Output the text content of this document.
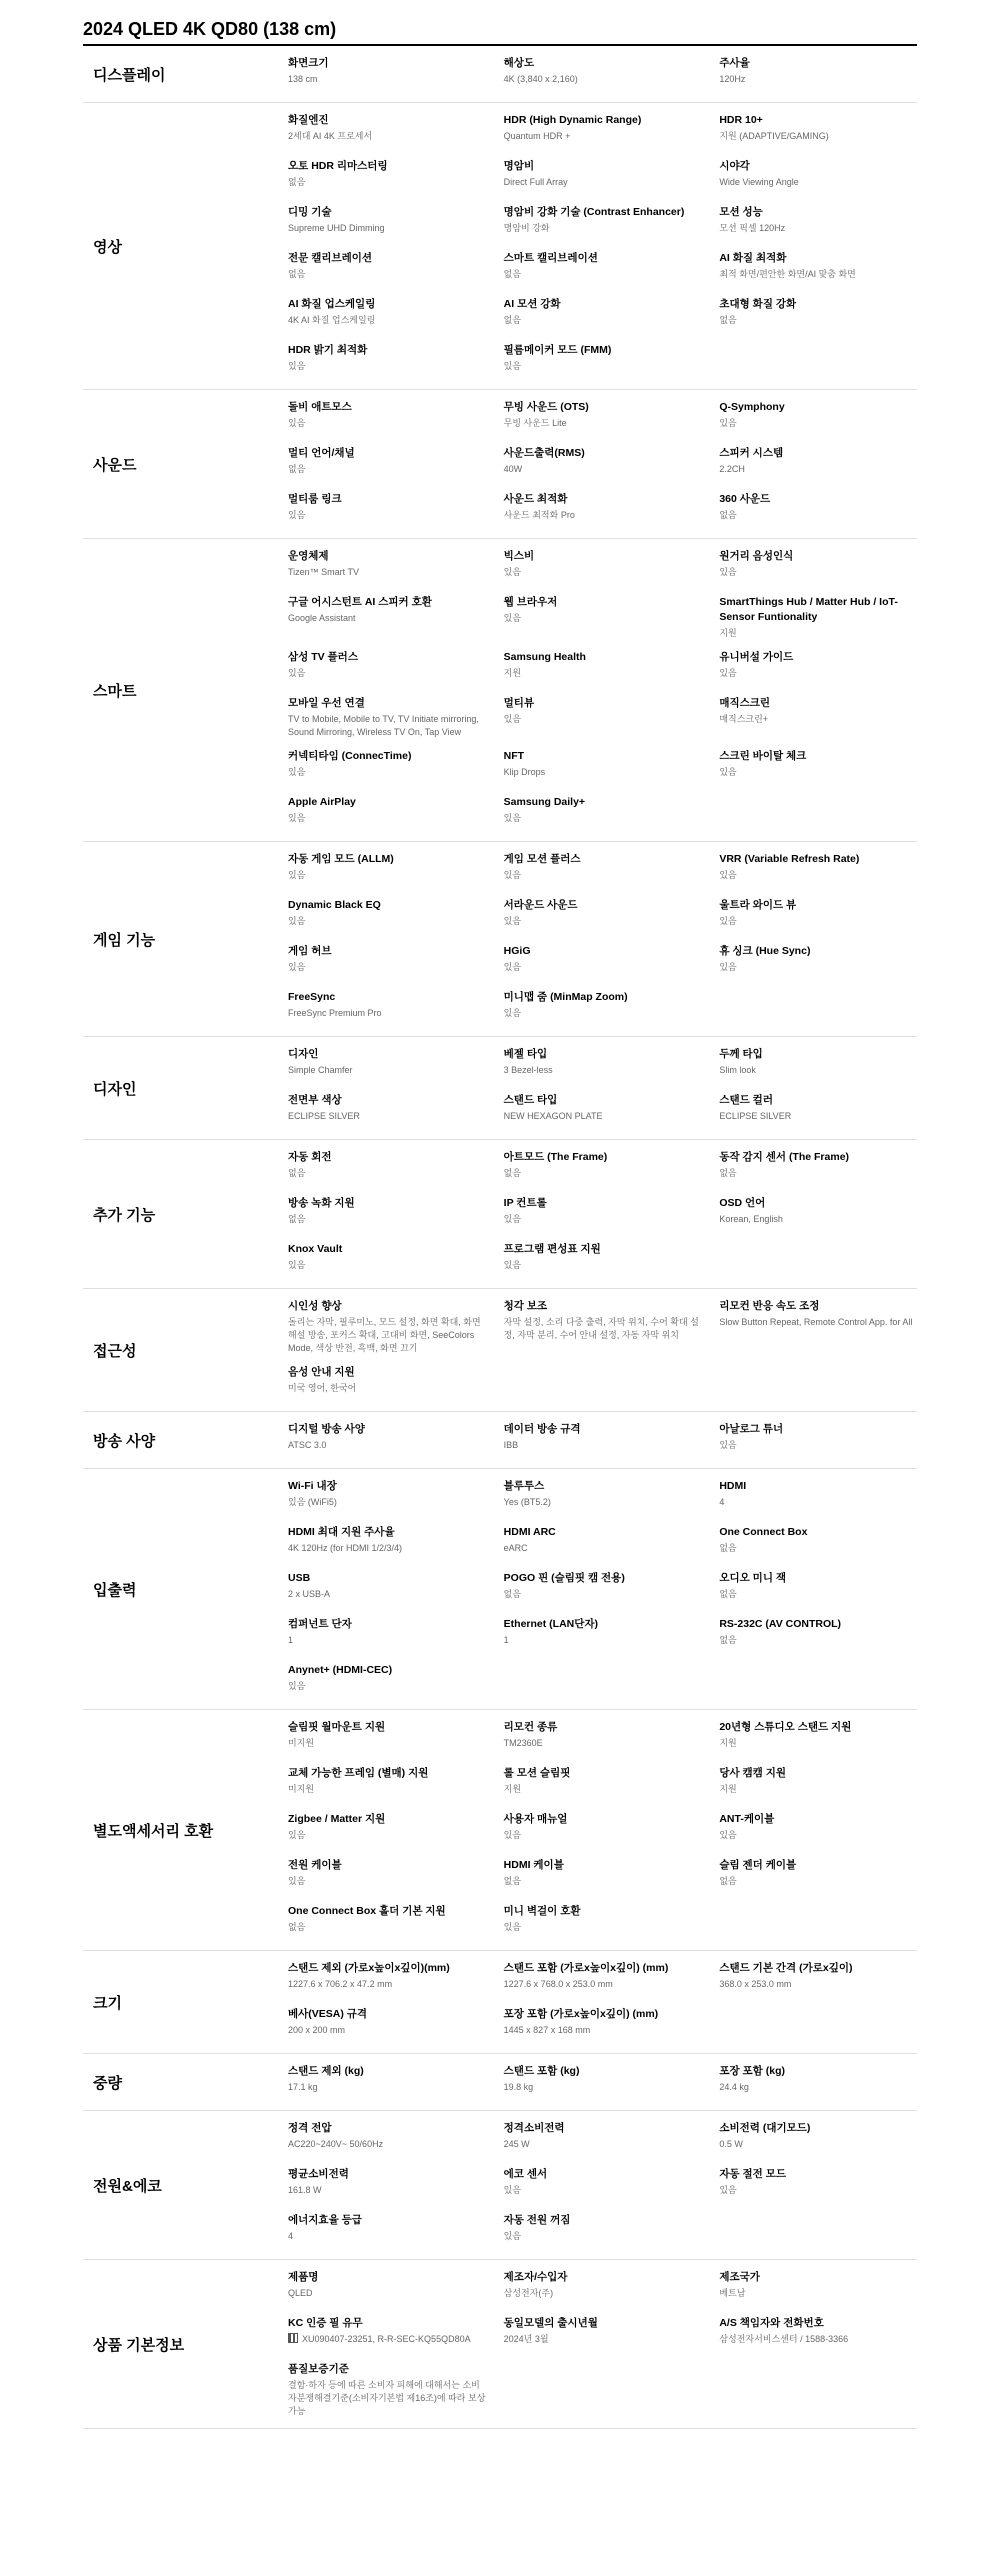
2024 QLED 4K QD80 (138 cm)
디스플레이
화면크기
138 cm
해상도
4K (3,840 x 2,160)
주사율
120Hz
영상
화질엔진
2세대 AI 4K 프로세서
HDR (High Dynamic Range)
Quantum HDR +
HDR 10+
지원 (ADAPTIVE/GAMING)
오토 HDR 리마스터링
없음
명암비
Direct Full Array
시야각
Wide Viewing Angle
디밍 기술
Supreme UHD Dimming
명암비 강화 기술 (Contrast Enhancer)
명암비 강화
모션 성능
모션 픽셀 120Hz
전문 캘리브레이션
없음
스마트 캘리브레이션
없음
AI 화질 최적화
최적 화면/편안한 화면/AI 맞춤 화면
AI 화질 업스케일링
4K AI 화질 업스케일링
AI 모션 강화
없음
초대형 화질 강화
없음
HDR 밝기 최적화
있음
필름메이커 모드 (FMM)
있음
사운드
돌비 애트모스
있음
무빙 사운드 (OTS)
무빙 사운드 Lite
Q-Symphony
있음
멀티 언어/채널
없음
사운드출력(RMS)
40W
스피커 시스템
2.2CH
멀티룸 링크
있음
사운드 최적화
사운드 최적화 Pro
360 사운드
없음
스마트
운영체제
Tizen™ Smart TV
빅스비
있음
원거리 음성인식
있음
구글 어시스턴트 AI 스피커 호환
Google Assistant
웹 브라우저
있음
SmartThings Hub / Matter Hub / IoT-Sensor Funtionality
지원
삼성 TV 플러스
있음
Samsung Health
지원
유니버설 가이드
있음
모바일 우선 연결
TV to Mobile, Mobile to TV, TV Initiate mirroring, Sound Mirroring, Wireless TV On, Tap View
멀티뷰
있음
매직스크린
매직스크린+
커넥티타임 (ConnecTime)
있음
NFT
Klip Drops
스크린 바이탈 체크
있음
Apple AirPlay
있음
Samsung Daily+
있음
게임 기능
자동 게임 모드 (ALLM)
있음
게임 모션 플러스
있음
VRR (Variable Refresh Rate)
있음
Dynamic Black EQ
있음
서라운드 사운드
있음
울트라 와이드 뷰
있음
게임 허브
있음
HGiG
있음
휴 싱크 (Hue Sync)
있음
FreeSync
FreeSync Premium Pro
미니맵 줌 (MinMap Zoom)
있음
디자인
디자인
Simple Chamfer
베젤 타입
3 Bezel-less
두께 타입
Slim look
전면부 색상
ECLIPSE SILVER
스탠드 타입
NEW HEXAGON PLATE
스탠드 컬러
ECLIPSE SILVER
추가 기능
자동 회전
없음
아트모드 (The Frame)
없음
동작 감지 센서 (The Frame)
없음
방송 녹화 지원
없음
IP 컨트롤
있음
OSD 언어
Korean, English
Knox Vault
있음
프로그램 편성표 지원
있음
접근성
시인성 향상
돌리는 자막, 필루미노, 모드 설정, 화면 확대, 화면해설 방송, 포커스 확대, 고대비 화면, SeeColors Mode, 색상 반전, 흑백, 화면 끄기
청각 보조
자막 설정, 소리 다중 출력, 자막 위치, 수어 확대 설정, 자막 분리, 수어 안내 설정, 자동 자막 위치
리모컨 반응 속도 조정
Slow Button Repeat, Remote Control App. for All
음성 안내 지원
미국 영어, 한국어
방송 사양
디지털 방송 사양
ATSC 3.0
데이터 방송 규격
IBB
아날로그 튜너
있음
입출력
Wi-Fi 내장
있음 (WiFi5)
블루투스
Yes (BT5.2)
HDMI
4
HDMI 최대 지원 주사율
4K 120Hz (for HDMI 1/2/3/4)
HDMI ARC
eARC
One Connect Box
없음
USB
2 x USB-A
POGO 핀 (슬림핏 캠 전용)
없음
오디오 미니 잭
없음
컴퍼넌트 단자
1
Ethernet (LAN단자)
1
RS-232C (AV CONTROL)
없음
Anynet+ (HDMI-CEC)
있음
별도액세서리 호환
슬림핏 월마운트 지원
미지원
리모컨 종류
TM2360E
20년형 스튜디오 스탠드 지원
지원
교체 가능한 프레임 (별매) 지원
미지원
롤 모션 슬림핏
지원
당사 캠캠 지원
지원
Zigbee / Matter 지원
있음
사용자 매뉴얼
있음
ANT-케이블
있음
전원 케이블
있음
HDMI 케이블
없음
슬림 젠더 케이블
없음
One Connect Box 홀더 기본 지원
없음
미니 벽걸이 호환
있음
크기
스탠드 제외 (가로x높이x깊이)(mm)
1227.6 x 706.2 x 47.2 mm
스탠드 포함 (가로x높이x깊이) (mm)
1227.6 x 768.0 x 253.0 mm
스탠드 기본 간격 (가로x깊이)
368.0 x 253.0 mm
베사(VESA) 규격
200 x 200 mm
포장 포함 (가로x높이x깊이) (mm)
1445 x 827 x 168 mm
중량
스탠드 제외 (kg)
17.1 kg
스탠드 포함 (kg)
19.8 kg
포장 포함 (kg)
24.4 kg
전원&에코
정격 전압
AC220~240V~ 50/60Hz
정격소비전력
245 W
소비전력 (대기모드)
0.5 W
평균소비전력
161.8 W
에코 센서
있음
자동 절전 모드
있음
에너지효율 등급
4
자동 전원 꺼짐
있음
상품 기본정보
제품명
QLED
제조자/수입자
삼성전자(주)
제조국가
베트남
KC 인증 필 유무
XU090407-23251, R-R-SEC-KQ55QD80A
동일모델의 출시년월
2024년 3월
A/S 책임자와 전화번호
삼성전자서비스센터 / 1588-3366
품질보증기준
결함·하자 등에 따른 소비자 피해에 대해서는 소비자분쟁해결기준(소비자기본법 제16조)에 따라 보상 가능
